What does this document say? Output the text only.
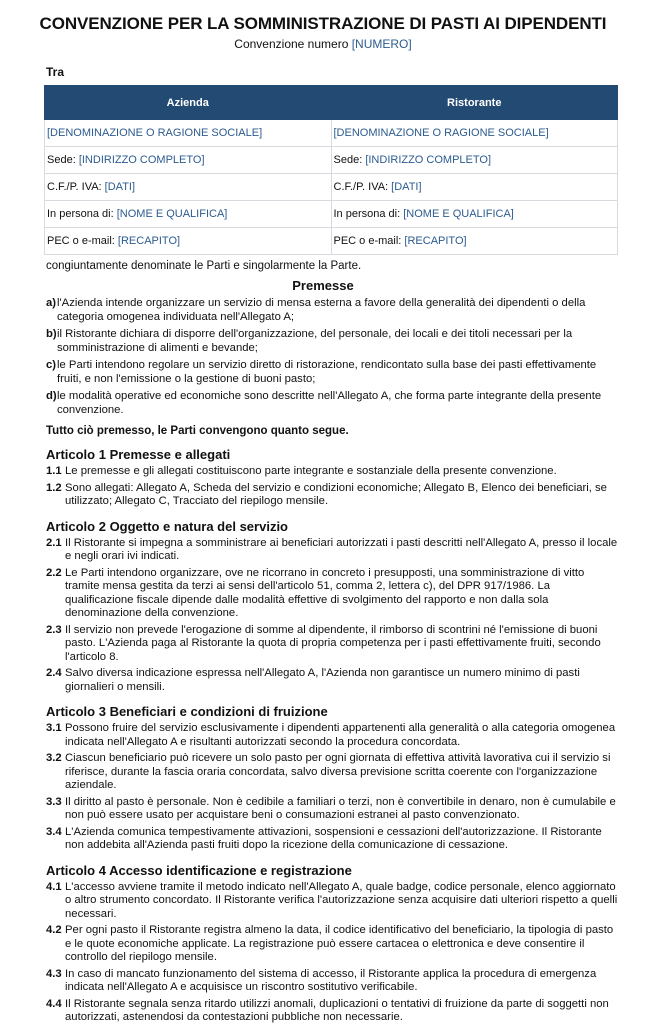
CONVENZIONE PER LA SOMMINISTRAZIONE DI PASTI AI DIPENDENTI
Convenzione numero [NUMERO]
Tra
Azienda	Ristorante
[DENOMINAZIONE O RAGIONE SOCIALE]	[DENOMINAZIONE O RAGIONE SOCIALE]
Sede: [INDIRIZZO COMPLETO]	Sede: [INDIRIZZO COMPLETO]
C.F./P. IVA: [DATI]	C.F./P. IVA: [DATI]
In persona di: [NOME E QUALIFICA]	In persona di: [NOME E QUALIFICA]
PEC o e-mail: [RECAPITO]	PEC o e-mail: [RECAPITO]
congiuntamente denominate le Parti e singolarmente la Parte.
Premesse
a) l'Azienda intende organizzare un servizio di mensa esterna a favore della generalità dei dipendenti o della categoria omogenea individuata nell'Allegato A;
b) il Ristorante dichiara di disporre dell'organizzazione, del personale, dei locali e dei titoli necessari per la somministrazione di alimenti e bevande;
c) le Parti intendono regolare un servizio diretto di ristorazione, rendicontato sulla base dei pasti effettivamente fruiti, e non l'emissione o la gestione di buoni pasto;
d) le modalità operative ed economiche sono descritte nell'Allegato A, che forma parte integrante della presente convenzione.
Tutto ciò premesso, le Parti convengono quanto segue.
Articolo 1 Premesse e allegati
1.1 Le premesse e gli allegati costituiscono parte integrante e sostanziale della presente convenzione.
1.2 Sono allegati: Allegato A, Scheda del servizio e condizioni economiche; Allegato B, Elenco dei beneficiari, se utilizzato; Allegato C, Tracciato del riepilogo mensile.
Articolo 2 Oggetto e natura del servizio
2.1 Il Ristorante si impegna a somministrare ai beneficiari autorizzati i pasti descritti nell'Allegato A, presso il locale e negli orari ivi indicati.
2.2 Le Parti intendono organizzare, ove ne ricorrano in concreto i presupposti, una somministrazione di vitto tramite mensa gestita da terzi ai sensi dell'articolo 51, comma 2, lettera c), del DPR 917/1986. La qualificazione fiscale dipende dalle modalità effettive di svolgimento del rapporto e non dalla sola denominazione della convenzione.
2.3 Il servizio non prevede l'erogazione di somme al dipendente, il rimborso di scontrini né l'emissione di buoni pasto. L'Azienda paga al Ristorante la quota di propria competenza per i pasti effettivamente fruiti, secondo l'articolo 8.
2.4 Salvo diversa indicazione espressa nell'Allegato A, l'Azienda non garantisce un numero minimo di pasti giornalieri o mensili.
Articolo 3 Beneficiari e condizioni di fruizione
3.1 Possono fruire del servizio esclusivamente i dipendenti appartenenti alla generalità o alla categoria omogenea indicata nell'Allegato A e risultanti autorizzati secondo la procedura concordata.
3.2 Ciascun beneficiario può ricevere un solo pasto per ogni giornata di effettiva attività lavorativa cui il servizio si riferisce, durante la fascia oraria concordata, salvo diversa previsione scritta coerente con l'organizzazione aziendale.
3.3 Il diritto al pasto è personale. Non è cedibile a familiari o terzi, non è convertibile in denaro, non è cumulabile e non può essere usato per acquistare beni o consumazioni estranei al pasto convenzionato.
3.4 L'Azienda comunica tempestivamente attivazioni, sospensioni e cessazioni dell'autorizzazione. Il Ristorante non addebita all'Azienda pasti fruiti dopo la ricezione della comunicazione di cessazione.
Articolo 4 Accesso identificazione e registrazione
4.1 L'accesso avviene tramite il metodo indicato nell'Allegato A, quale badge, codice personale, elenco aggiornato o altro strumento concordato. Il Ristorante verifica l'autorizzazione senza acquisire dati ulteriori rispetto a quelli necessari.
4.2 Per ogni pasto il Ristorante registra almeno la data, il codice identificativo del beneficiario, la tipologia di pasto e le quote economiche applicate. La registrazione può essere cartacea o elettronica e deve consentire il controllo del riepilogo mensile.
4.3 In caso di mancato funzionamento del sistema di accesso, il Ristorante applica la procedura di emergenza indicata nell'Allegato A e acquisisce un riscontro sostitutivo verificabile.
4.4 Il Ristorante segnala senza ritardo utilizzi anomali, duplicazioni o tentativi di fruizione da parte di soggetti non autorizzati, astenendosi da contestazioni pubbliche non necessarie.
